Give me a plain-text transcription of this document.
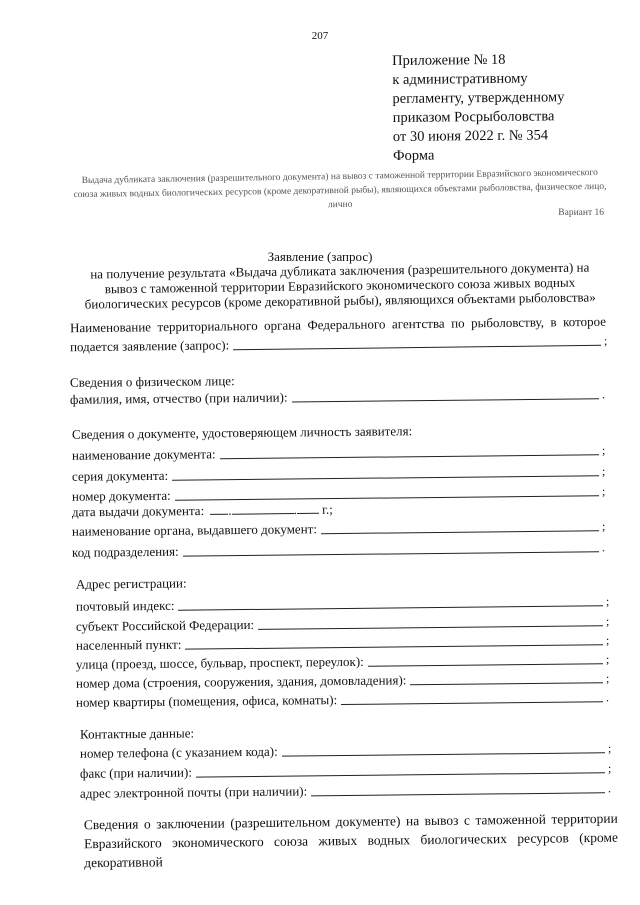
207
Приложение № 18
к административному
регламенту, утвержденному
приказом Росрыболовства
от 30 июня 2022 г. № 354
Форма
Выдача дубликата заключения (разрешительного документа) на вывоз с таможенной территории Евразийского экономического союза живых водных биологических ресурсов (кроме декоративной рыбы), являющихся объектами рыболовства, физическое лицо, лично
Вариант 16
Заявление (запрос)
на получение результата «Выдача дубликата заключения (разрешительного документа) на вывоз с таможенной территории Евразийского экономического союза живых водных биологических ресурсов (кроме декоративной рыбы), являющихся объектами рыболовства»
Наименование территориального органа Федерального агентства по рыболовству, в которое
подается заявление (запрос):	;
Сведения о физическом лице:
фамилия, имя, отчество (при наличии):	.
Сведения о документе, удостоверяющем личность заявителя:
наименование документа:	;
серия документа:	;
номер документа:	;
дата выдачи документа: .	. г.;
наименование органа, выдавшего документ:	;
код подразделения:	.
Адрес регистрации:
почтовый индекс:	;
субъект Российской Федерации:	;
населенный пункт:	;
улица (проезд, шоссе, бульвар, проспект, переулок):	;
номер дома (строения, сооружения, здания, домовладения):	;
номер квартиры (помещения, офиса, комнаты):	.
Контактные данные:
номер телефона (с указанием кода):	;
факс (при наличии):	;
адрес электронной почты (при наличии):	.
Сведения о заключении (разрешительном документе) на вывоз с таможенной территории Евразийского экономического союза живых водных биологических ресурсов (кроме декоративной
